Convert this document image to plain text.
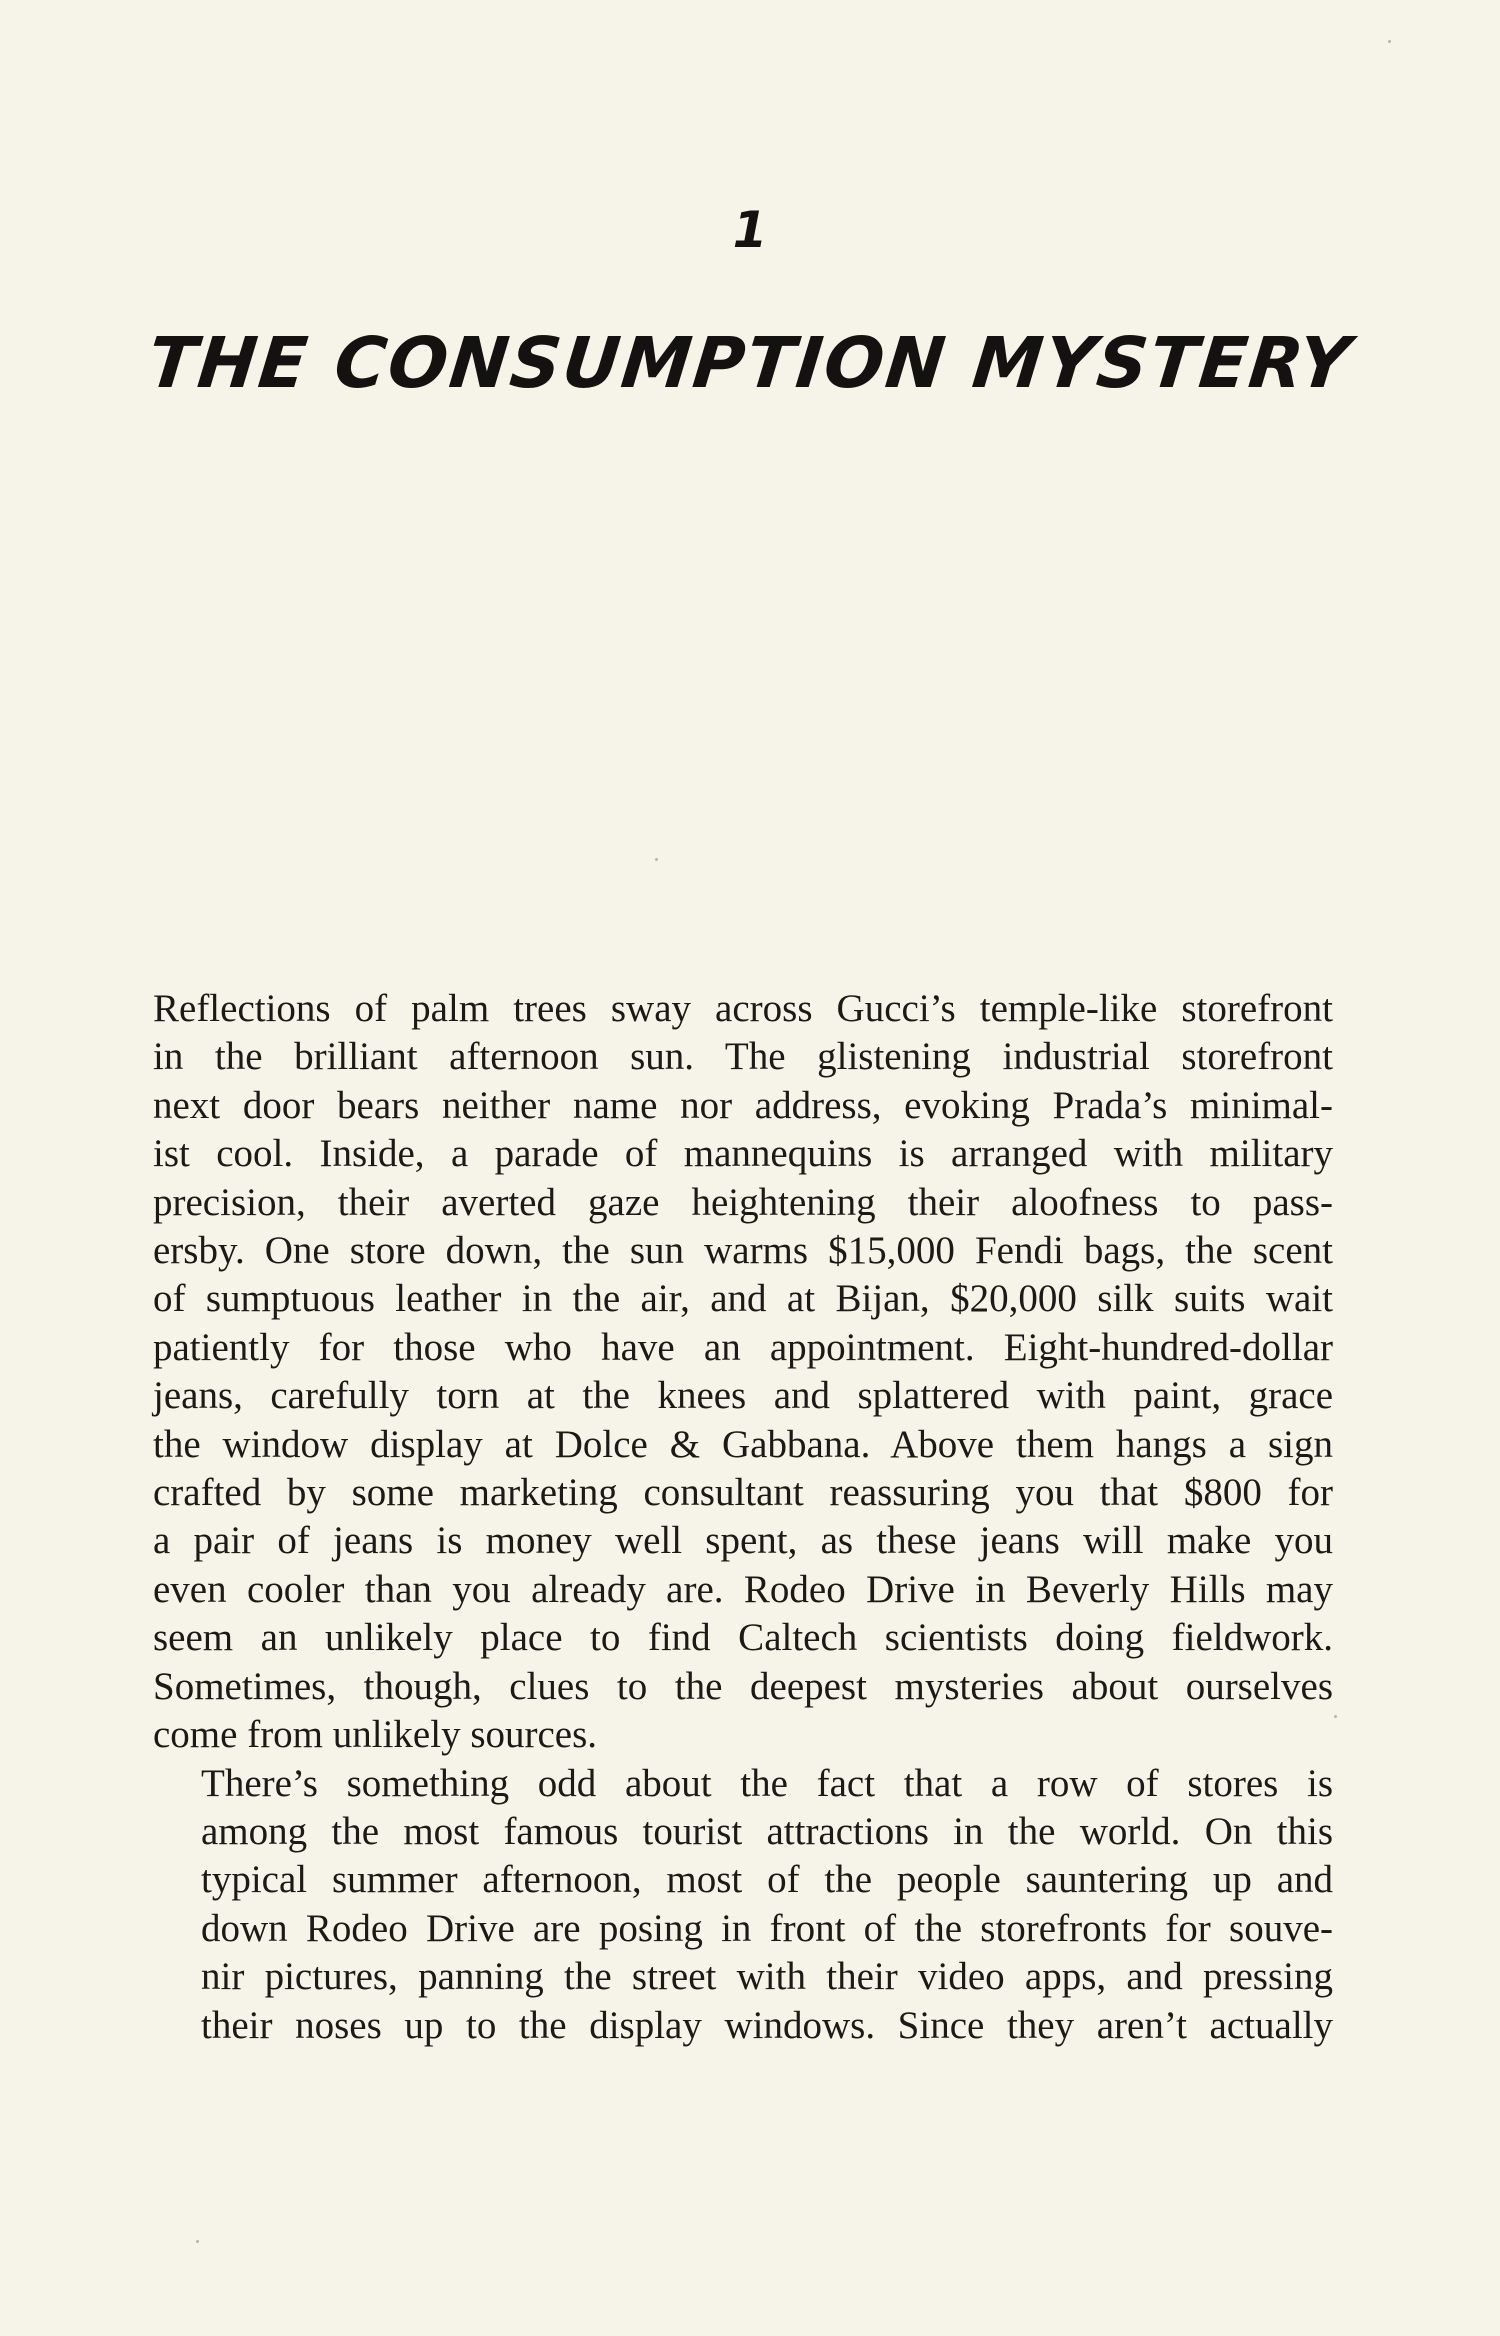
1
THE CONSUMPTION MYSTERY

Reflections of palm trees sway across Gucci’s temple-like storefront
in the brilliant afternoon sun. The glistening industrial storefront
next door bears neither name nor address, evoking Prada’s minimal-
ist cool. Inside, a parade of mannequins is arranged with military
precision, their averted gaze heightening their aloofness to pass-
ersby. One store down, the sun warms $15,000 Fendi bags, the scent
of sumptuous leather in the air, and at Bijan, $20,000 silk suits wait
patiently for those who have an appointment. Eight-hundred-dollar
jeans, carefully torn at the knees and splattered with paint, grace
the window display at Dolce & Gabbana. Above them hangs a sign
crafted by some marketing consultant reassuring you that $800 for
a pair of jeans is money well spent, as these jeans will make you
even cooler than you already are. Rodeo Drive in Beverly Hills may
seem an unlikely place to find Caltech scientists doing fieldwork.
Sometimes, though, clues to the deepest mysteries about ourselves
come from unlikely sources.

There’s something odd about the fact that a row of stores is
among the most famous tourist attractions in the world. On this
typical summer afternoon, most of the people sauntering up and
down Rodeo Drive are posing in front of the storefronts for souve-
nir pictures, panning the street with their video apps, and pressing
their noses up to the display windows. Since they aren’t actually
